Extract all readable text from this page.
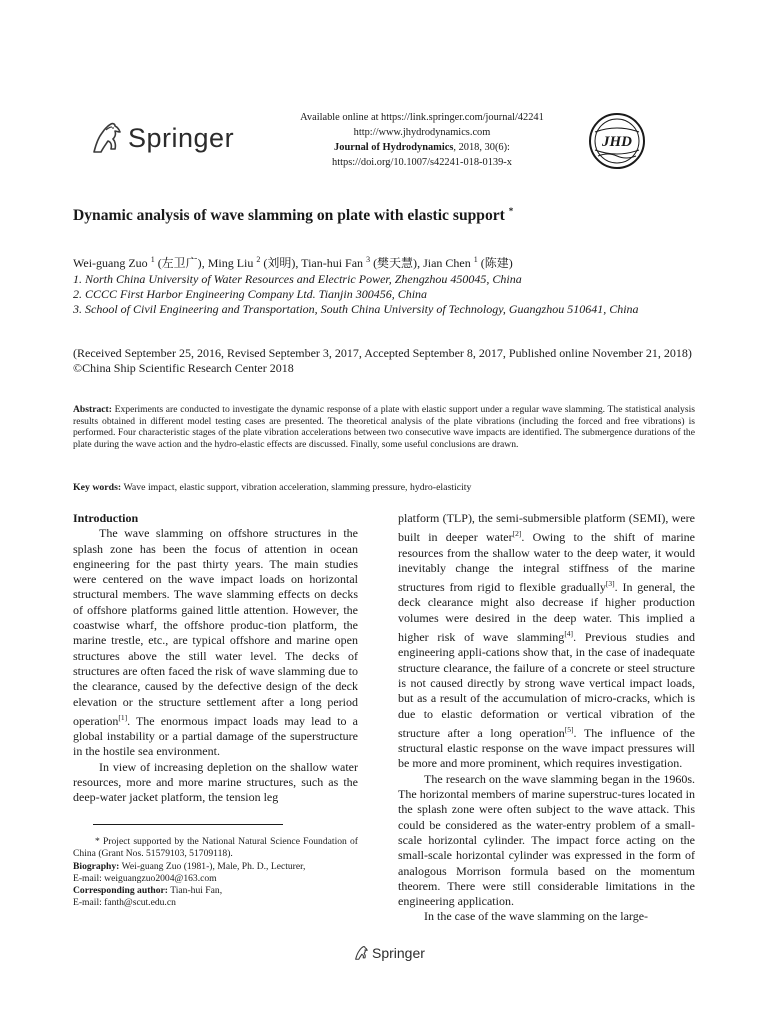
Springer
Available online at https://link.springer.com/journal/42241
http://www.jhydrodynamics.com
Journal of Hydrodynamics, 2018, 30(6):
https://doi.org/10.1007/s42241-018-0139-x
JHD
Dynamic analysis of wave slamming on plate with elastic support *
Wei-guang Zuo $^1$ (左卫广), Ming Liu $^2$ (刘明), Tian-hui Fan $^3$ (樊天慧), Jian Chen $^1$ (陈建)
1. North China University of Water Resources and Electric Power, Zhengzhou 450045, China
2. CCCC First Harbor Engineering Company Ltd. Tianjin 300456, China
3. School of Civil Engineering and Transportation, South China University of Technology, Guangzhou 510641, China
(Received September 25, 2016, Revised September 3, 2017, Accepted September 8, 2017, Published online November 21, 2018)
©China Ship Scientific Research Center 2018
Abstract: Experiments are conducted to investigate the dynamic response of a plate with elastic support under a regular wave slamming. The statistical analysis results obtained in different model testing cases are presented. The theoretical analysis of the plate vibrations (including the forced and free vibrations) is performed. Four characteristic stages of the plate vibration accelerations between two consecutive wave impacts are identified. The submergence durations of the plate during the wave action and the hydro-elastic effects are discussed. Finally, some useful conclusions are drawn.
Key words: Wave impact, elastic support, vibration acceleration, slamming pressure, hydro-elasticity
Introduction

The wave slamming on offshore structures in the splash zone has been the focus of attention in ocean engineering for the past thirty years. The main studies were centered on the wave impact loads on horizontal structural members. The wave slamming effects on decks of offshore platforms gained little attention. However, the coastwise wharf, the offshore produc-tion platform, the marine trestle, etc., are typical offshore and marine open structures above the still water level. The decks of structures are often faced the risk of wave slamming due to the clearance, caused by the defective design of the deck elevation or the structure settlement after a long period operation[1]. The enormous impact loads may lead to a global instability or a partial damage of the superstructure in the hostile sea environment.

In view of increasing depletion on the shallow water resources, more and more marine structures, such as the deep-water jacket platform, the tension leg

* Project supported by the National Natural Science Foundation of China (Grant Nos. 51579103, 51709118).

Biography: Wei-guang Zuo (1981-), Male, Ph. D., Lecturer,

E-mail: weiguangzuo2004@163.com

Corresponding author: Tian-hui Fan,

E-mail: fanth@scut.edu.cn

platform (TLP), the semi-submersible platform (SEMI), were built in deeper water[2]. Owing to the shift of marine resources from the shallow water to the deep water, it would inevitably change the integral stiffness of the marine structures from rigid to flexible gradually[3]. In general, the deck clearance might also decrease if higher production volumes were desired in the deep water. This implied a higher risk of wave slamming[4]. Previous studies and engineering appli-cations show that, in the case of inadequate structure clearance, the failure of a concrete or steel structure is not caused directly by strong wave vertical impact loads, but as a result of the accumulation of micro-cracks, which is due to elastic deformation or vertical vibration of the structure after a long operation[5]. The influence of the structural elastic response on the wave impact pressures will be more and more prominent, which requires investigation.

The research on the wave slamming began in the 1960s. The horizontal members of marine superstruc-tures located in the splash zone were often subject to the wave attack. This could be considered as the water-entry problem of a small-scale horizontal cylinder. The impact force acting on the small-scale horizontal cylinder was expressed in the form of analogous Morrison formula based on the momentum theorem. There were still considerable limitations in the engineering application.

In the case of the wave slamming on the large-

Springer
